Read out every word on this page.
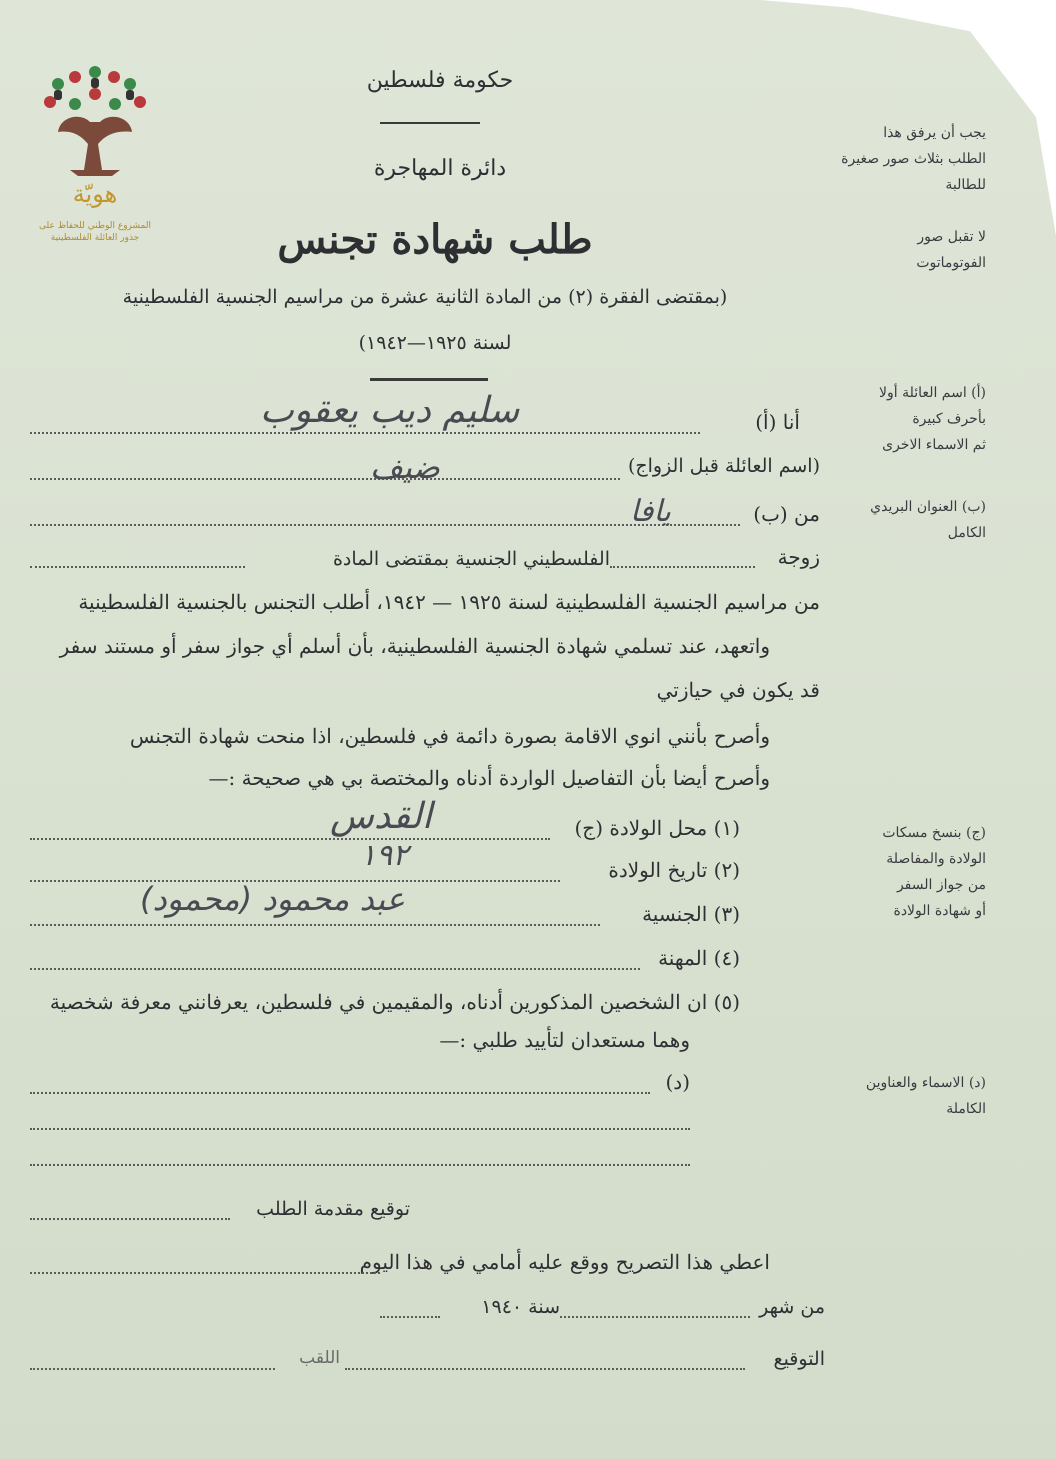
هويّة
المشروع الوطني للحفاظ على
جذور العائلة الفلسطينية
حكومة فلسطين
دائرة المهاجرة
طلب شهادة تجنس
(بمقتضى الفقرة (٢) من المادة الثانية عشرة من مراسيم الجنسية الفلسطينية
لسنة ١٩٢٥—١٩٤٢)
يجب أن يرفق هذا
الطلب بثلاث صور صغيرة
للطالبة
لا تقبل صور
الفوتوماتوت
(أ) اسم العائلة أولا
بأحرف كبيرة
ثم الاسماء الاخرى
(ب) العنوان البريدي
الكامل
(ج) بنسخ مسكات
الولادة والمفاصلة
من جواز السفر
أو شهادة الولادة
(د) الاسماء والعناوين
الكاملة
أنا (أ)
سليم ديب يعقوب
(اسم العائلة قبل الزواج)
ضيف
من (ب)
يافا
زوجة
الفلسطيني الجنسية بمقتضى المادة
من مراسيم الجنسية الفلسطينية لسنة ١٩٢٥ — ١٩٤٢، أطلب التجنس بالجنسية الفلسطينية
واتعهد، عند تسلمي شهادة الجنسية الفلسطينية، بأن أسلم أي جواز سفر أو مستند سفر
قد يكون في حيازتي
وأصرح بأنني انوي الاقامة بصورة دائمة في فلسطين، اذا منحت شهادة التجنس
وأصرح أيضا بأن التفاصيل الواردة أدناه والمختصة بي هي صحيحة :—
(١) محل الولادة (ج)
القدس
(٢) تاريخ الولادة
١٩٢
(٣) الجنسية
عبد محمود (محمود)
(٤) المهنة
(٥) ان الشخصين المذكورين أدناه، والمقيمين في فلسطين، يعرفانني معرفة شخصية
وهما مستعدان لتأييد طلبي :—
(د)
توقيع مقدمة الطلب
اعطي هذا التصريح ووقع عليه أمامي في هذا اليوم
من شهر
سنة ١٩٤٠
التوقيع
اللقب
